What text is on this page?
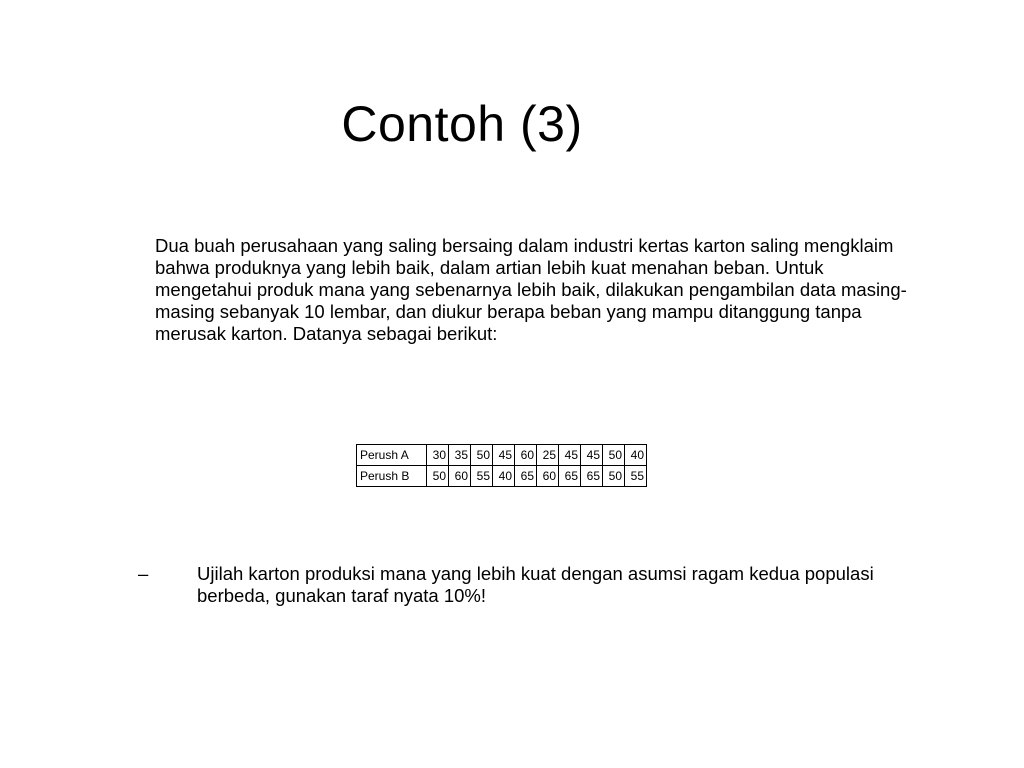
Contoh (3)

Dua buah perusahaan yang saling bersaing dalam industri kertas karton saling mengklaim bahwa produknya yang lebih baik, dalam artian lebih kuat menahan beban. Untuk mengetahui produk mana yang sebenarnya lebih baik, dilakukan pengambilan data masing-masing sebanyak 10 lembar, dan diukur berapa beban yang mampu ditanggung tanpa merusak karton. Datanya sebagai berikut:

Perush A	30	35	50	45	60	25	45	45	50	40
Perush B	50	60	55	40	65	60	65	65	50	55
–	Ujilah karton produksi mana yang lebih kuat dengan asumsi ragam kedua populasi berbeda, gunakan taraf nyata 10%!
